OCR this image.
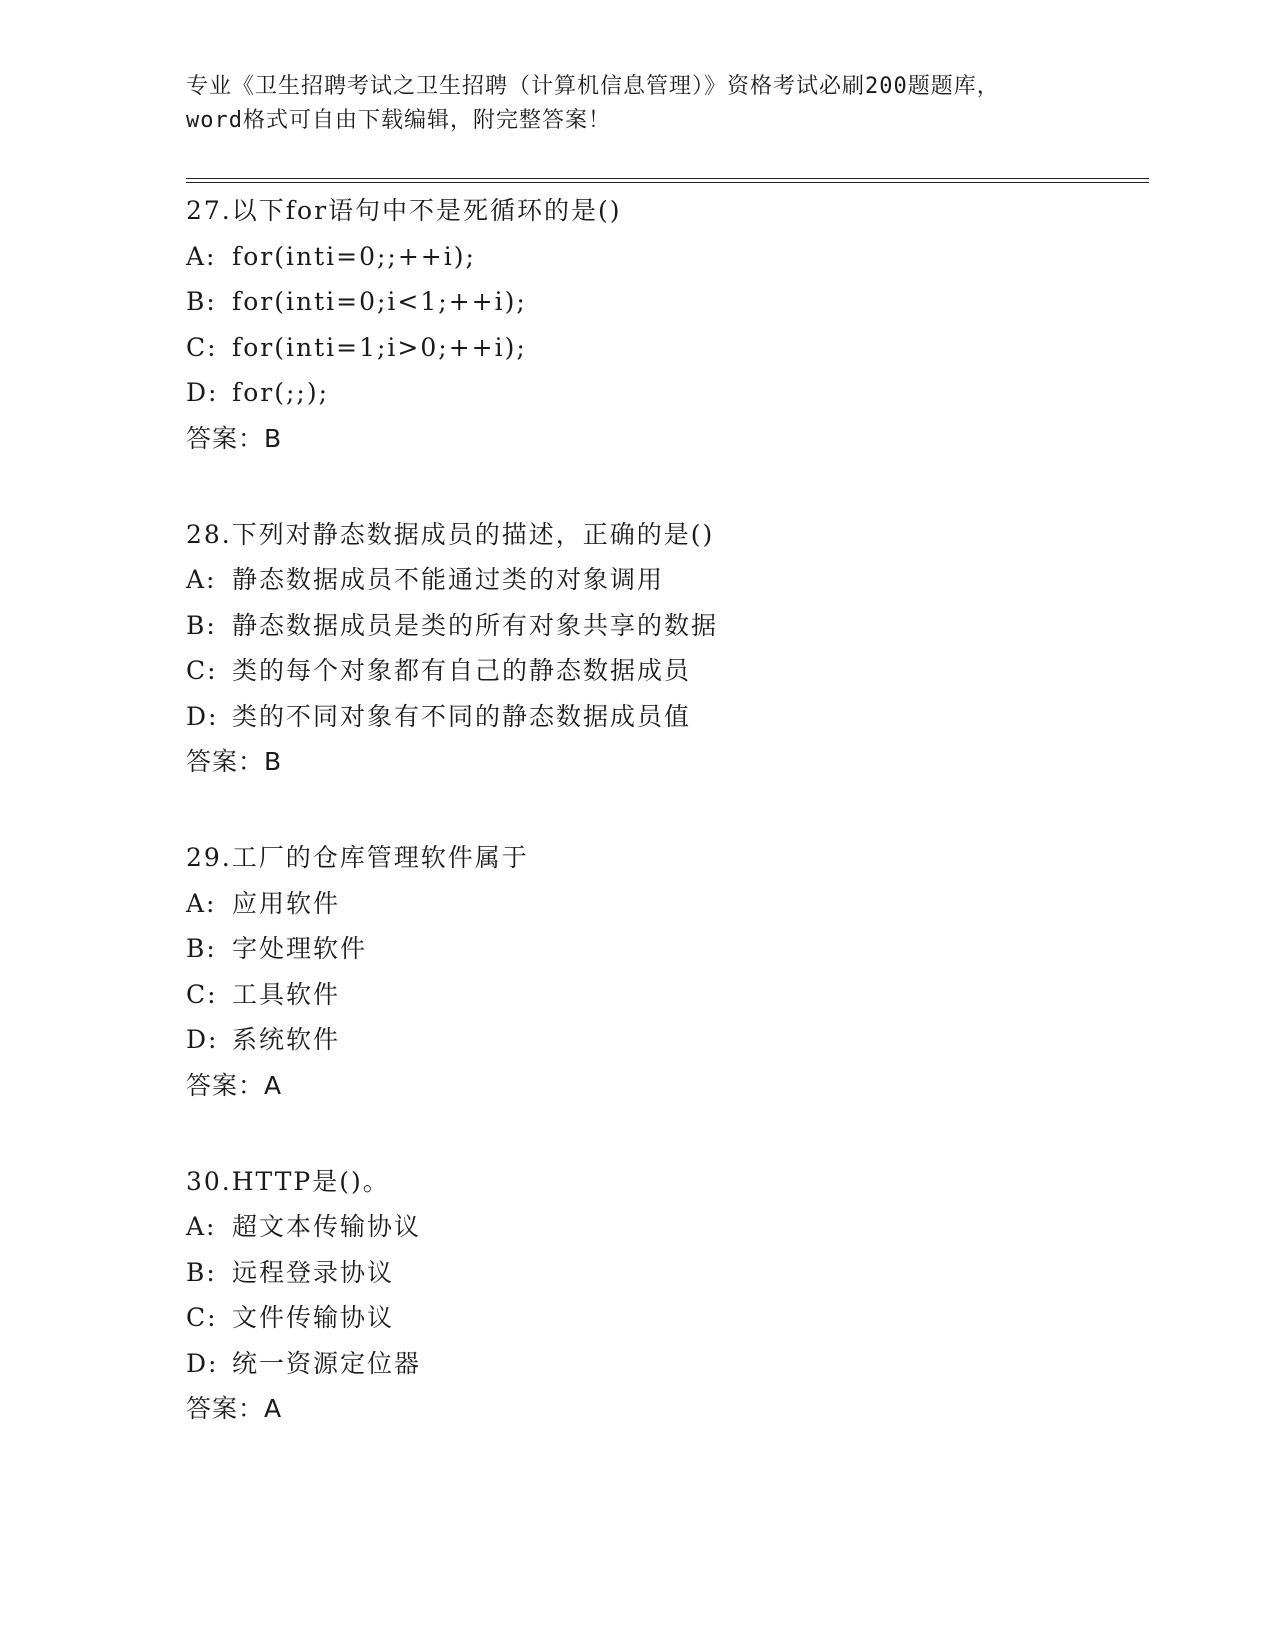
专业《卫生招聘考试之卫生招聘（计算机信息管理）》资格考试必刷200题题库，

word格式可自由下载编辑，附完整答案！

27.以下for语句中不是死循环的是()
A: for(inti=0;;++i);
B: for(inti=0;i<1;++i);
C: for(inti=1;i>0;++i);
D: for(;;);
答案：B
28.下列对静态数据成员的描述，正确的是()
A: 静态数据成员不能通过类的对象调用
B: 静态数据成员是类的所有对象共享的数据
C: 类的每个对象都有自己的静态数据成员
D: 类的不同对象有不同的静态数据成员值
答案：B
29.工厂的仓库管理软件属于
A: 应用软件
B: 字处理软件
C: 工具软件
D: 系统软件
答案：A
30.HTTP是()。
A: 超文本传输协议
B: 远程登录协议
C: 文件传输协议
D: 统一资源定位器
答案：A
